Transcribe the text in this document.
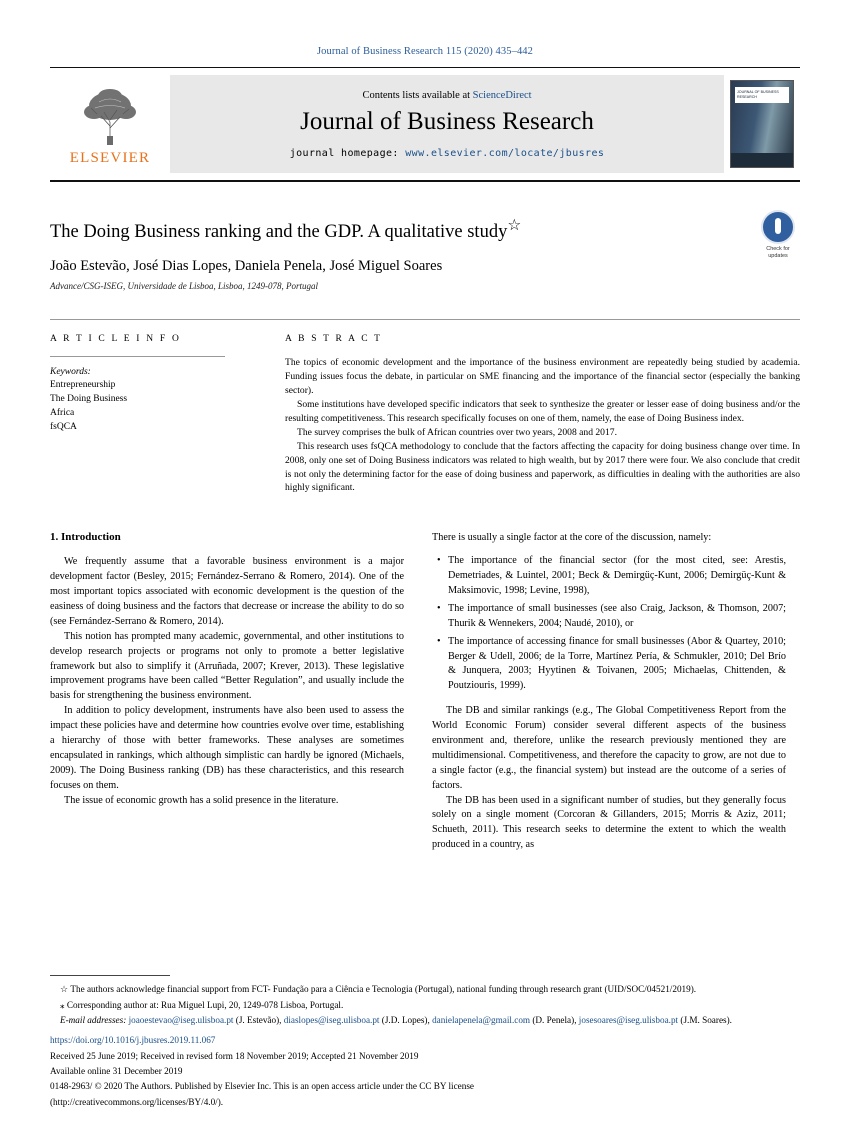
Journal of Business Research 115 (2020) 435–442
ELSEVIER
Contents lists available at ScienceDirect
Journal of Business Research
journal homepage: www.elsevier.com/locate/jbusres
JOURNAL OF BUSINESS RESEARCH
The Doing Business ranking and the GDP. A qualitative study☆

João Estevão, José Dias Lopes, Daniela Penela, José Miguel Soares

Advance/CSG-ISEG, Universidade de Lisboa, Lisboa, 1249-078, Portugal

Check for updates
A R T I C L E I N F O
Keywords:
Entrepreneurship
The Doing Business
Africa
fsQCA
A B S T R A C T

The topics of economic development and the importance of the business environment are repeatedly being studied by academia. Funding issues focus the debate, in particular on SME financing and the importance of the financial sector (especially the banking sector).

Some institutions have developed specific indicators that seek to synthesize the greater or lesser ease of doing business and/or the resulting competitiveness. This research specifically focuses on one of them, namely, the ease of Doing Business index.

The survey comprises the bulk of African countries over two years, 2008 and 2017.

This research uses fsQCA methodology to conclude that the factors affecting the capacity for doing business change over time. In 2008, only one set of Doing Business indicators was related to high wealth, but by 2017 there were four. We also conclude that credit is not only the determining factor for the ease of doing business and paperwork, as difficulties in dealing with the authorities are also highly significant.

1. Introduction

We frequently assume that a favorable business environment is a major development factor (Besley, 2015; Fernández-Serrano & Romero, 2014). One of the most important topics associated with economic development is the question of the easiness of doing business and the factors that decrease or increase the ability to do so (see Fernández-Serrano & Romero, 2014).

This notion has prompted many academic, governmental, and other institutions to develop research projects or programs not only to promote a better legislative framework but also to simplify it (Arruñada, 2007; Krever, 2013). These legislative improvement programs have been called “Better Regulation”, and usually include the basis for strengthening the business environment.

In addition to policy development, instruments have also been used to assess the impact these policies have and determine how countries evolve over time, establishing a hierarchy of those with better frameworks. These analyses are sometimes encapsulated in rankings, which although simplistic can hardly be ignored (Michaels, 2009). The Doing Business ranking (DB) has these characteristics, and this research focuses on them.

The issue of economic growth has a solid presence in the literature.

There is usually a single factor at the core of the discussion, namely:

• The importance of the financial sector (for the most cited, see: Arestis, Demetriades, & Luintel, 2001; Beck & Demirgüç-Kunt, 2006; Demirgüç-Kunt & Maksimovic, 1998; Levine, 1998),
• The importance of small businesses (see also Craig, Jackson, & Thomson, 2007; Thurik & Wennekers, 2004; Naudé, 2010), or
• The importance of accessing finance for small businesses (Abor & Quartey, 2010; Berger & Udell, 2006; de la Torre, Martínez Pería, & Schmukler, 2010; Del Brío & Junquera, 2003; Hyytinen & Toivanen, 2005; Michaelas, Chittenden, & Poutziouris, 1999).

The DB and similar rankings (e.g., The Global Competitiveness Report from the World Economic Forum) consider several different aspects of the business environment and, therefore, unlike the research previously mentioned they are multidimensional. Competitiveness, and therefore the capacity to grow, are not due to a single factor (e.g., the financial system) but instead are the outcome of a series of factors.

The DB has been used in a significant number of studies, but they generally focus solely on a single moment (Corcoran & Gillanders, 2015; Morris & Aziz, 2011; Schueth, 2011). This research seeks to determine the extent to which the wealth produced in a country, as

☆ The authors acknowledge financial support from FCT- Fundação para a Ciência e Tecnologia (Portugal), national funding through research grant (UID/SOC/04521/2019).

⁎ Corresponding author at: Rua Miguel Lupi, 20, 1249-078 Lisboa, Portugal.

E-mail addresses: joaoestevao@iseg.ulisboa.pt (J. Estevão), diaslopes@iseg.ulisboa.pt (J.D. Lopes), danielapenela@gmail.com (D. Penela), josesoares@iseg.ulisboa.pt (J.M. Soares).

https://doi.org/10.1016/j.jbusres.2019.11.067

Received 25 June 2019; Received in revised form 18 November 2019; Accepted 21 November 2019

Available online 31 December 2019

0148-2963/ © 2020 The Authors. Published by Elsevier Inc. This is an open access article under the CC BY license

(http://creativecommons.org/licenses/BY/4.0/).
